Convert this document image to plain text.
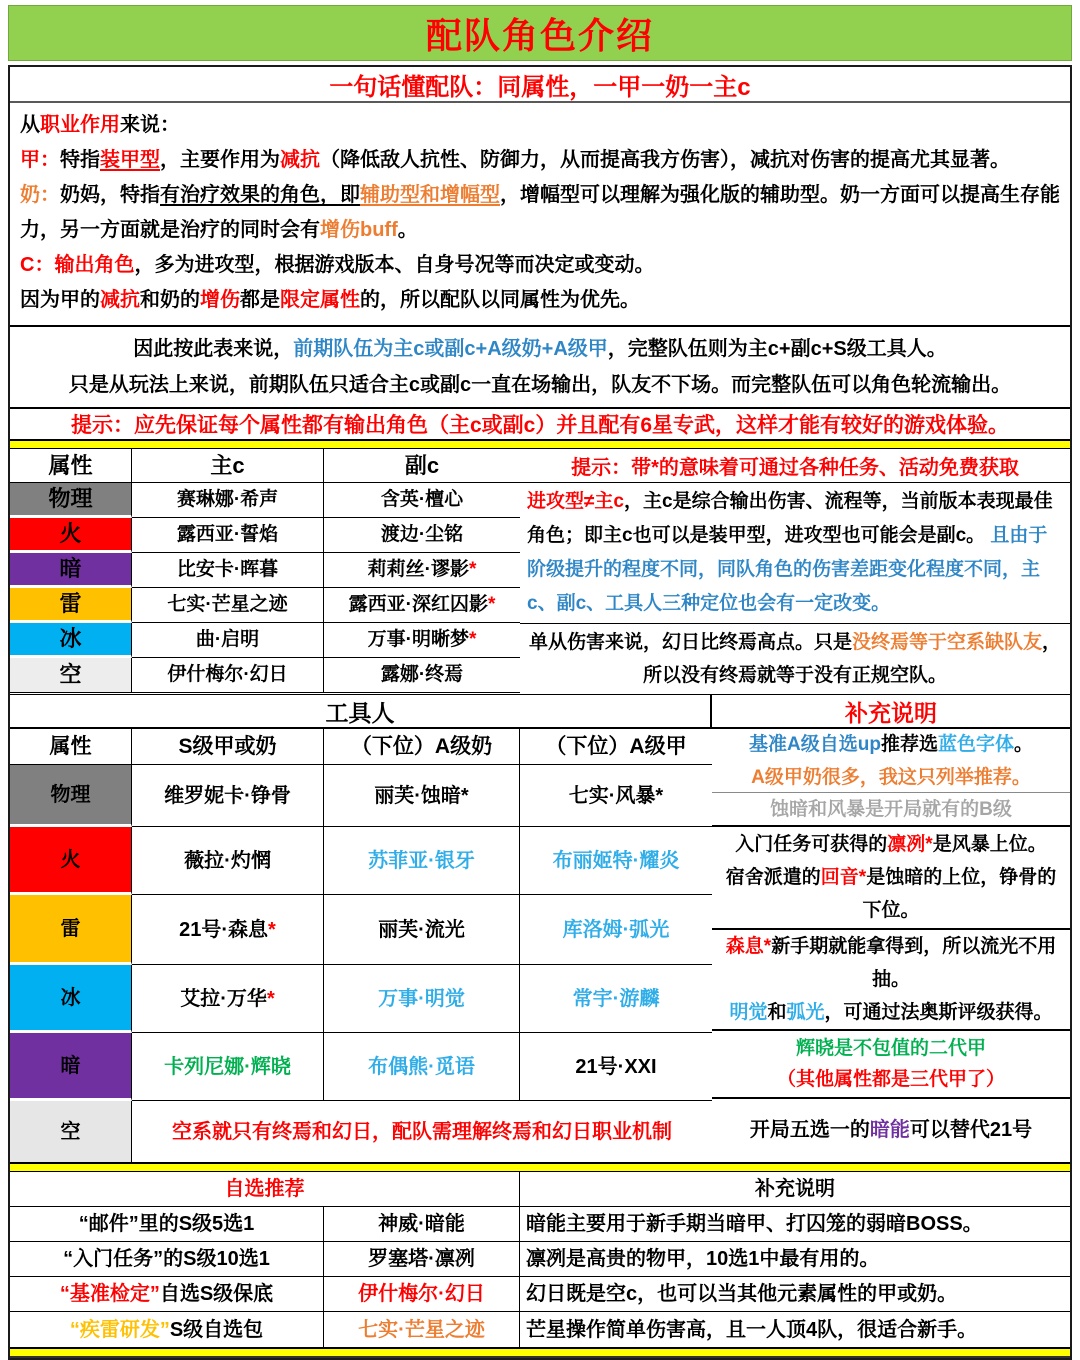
配队角色介绍
一句话懂配队：同属性，一甲一奶一主c

从职业作用来说：

甲：特指装甲型，主要作用为减抗（降低敌人抗性、防御力，从而提高我方伤害），减抗对伤害的提高尤其显著。

奶：奶妈，特指有治疗效果的角色，即辅助型和增幅型，增幅型可以理解为强化版的辅助型。奶一方面可以提高生存能力，另一方面就是治疗的同时会有增伤buff。

C：输出角色，多为进攻型，根据游戏版本、自身号况等而决定或变动。

因为甲的减抗和奶的增伤都是限定属性的，所以配队以同属性为优先。

因此按此表来说，前期队伍为主c或副c+A级奶+A级甲，完整队伍则为主c+副c+S级工具人。

只是从玩法上来说，前期队伍只适合主c或副c一直在场输出，队友不下场。而完整队伍可以角色轮流输出。

提示：应先保证每个属性都有输出角色（主c或副c）并且配有6星专武，这样才能有较好的游戏体验。
属性	主c	副c
物理	赛琳娜·希声	含英·檀心
火	露西亚·誓焰	渡边·尘铭
暗	比安卡·晖暮	莉莉丝·谬影 *
雷	七实·芒星之迹	露西亚·深红囚影 *
冰	曲·启明	万事·明晰梦 *
空	伊什梅尔·幻日	露娜·终焉
提示：带*的意味着可通过各种任务、活动免费获取
进攻型≠主c，主c是综合输出伤害、流程等，当前版本表现最佳角色；即主c也可以是装甲型，进攻型也可能会是副c。 且由于阶级提升的程度不同，同队角色的伤害差距变化程度不同，主c、副c、工具人三种定位也会有一定改变。
单从伤害来说，幻日比终焉高点。只是没终焉等于空系缺队友，所以没有终焉就等于没有正规空队。
工具人	补充说明
属性	S级甲或奶	（下位）A级奶	（下位）A级甲
物理	维罗妮卡·铮骨	丽芙·蚀暗*	七实·风暴*
火	薇拉·灼惘	苏菲亚·银牙	布丽姬特·耀炎
雷	21号·森息 *	丽芙·流光	库洛姆·弧光
冰	艾拉·万华 *	万事·明觉	常宇·游麟
暗	卡列尼娜·辉晓	布偶熊·觅语	21号·XXI
空	空系就只有终焉和幻日，配队需理解终焉和幻日职业机制
基准A级自选up推荐选蓝色字体。
A级甲奶很多，我这只列举推荐。
蚀暗和风暴是开局就有的B级
入门任务可获得的凛冽*是风暴上位。
宿舍派遣的回音*是蚀暗的上位，铮骨的下位。
森息*新手期就能拿得到，所以流光不用抽。
明觉和弧光，可通过法奥斯评级获得。
辉晓是不包值的二代甲
（其他属性都是三代甲了）
开局五选一的暗能可以替代21号
自选推荐	补充说明
“邮件”里的S级5选1	神威·暗能	暗能主要用于新手期当暗甲、打囚笼的弱暗BOSS。
“入门任务”的S级10选1	罗塞塔·凛冽	凛冽是高贵的物甲，10选1中最有用的。
“基准检定” 自选S级保底	伊什梅尔·幻日 幻日既是空c，也可以当其他元素属性的甲或奶。
“疾雷研发” S级自选包	七实·芒星之迹 芒星操作简单伤害高，且一人顶4队，很适合新手。
